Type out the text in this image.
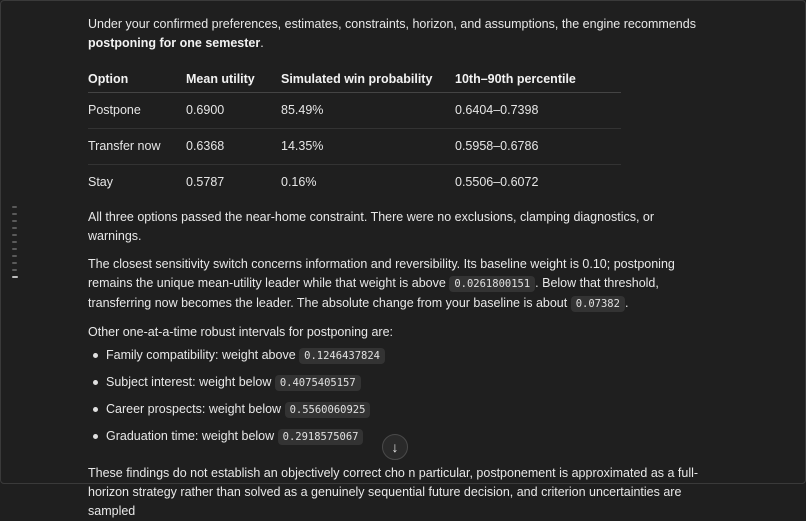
Under your confirmed preferences, estimates, constraints, horizon, and assumptions, the engine recommends postponing for one semester.

Option	Mean utility	Simulated win probability	10th–90th percentile
Postpone	0.6900	85.49%	0.6404–0.7398
Transfer now	0.6368	14.35%	0.5958–0.6786
Stay	0.5787	0.16%	0.5506–0.6072

All three options passed the near-home constraint. There were no exclusions, clamping diagnostics, or warnings.

The closest sensitivity switch concerns information and reversibility. Its baseline weight is 0.10; postponing remains the unique mean-utility leader while that weight is above 0.0261800151 . Below that threshold, transferring now becomes the leader. The absolute change from your baseline is about 0.07382 .

Other one-at-a-time robust intervals for postponing are:

Family compatibility: weight above 0.1246437824
Subject interest: weight below 0.4075405157
Career prospects: weight below 0.5560060925
Graduation time: weight below 0.2918575067

These findings do not establish an objectively correct cho n particular, postponement is approximated as a full-horizon strategy rather than solved as a genuinely sequential future decision, and criterion uncertainties are sampled

↓
